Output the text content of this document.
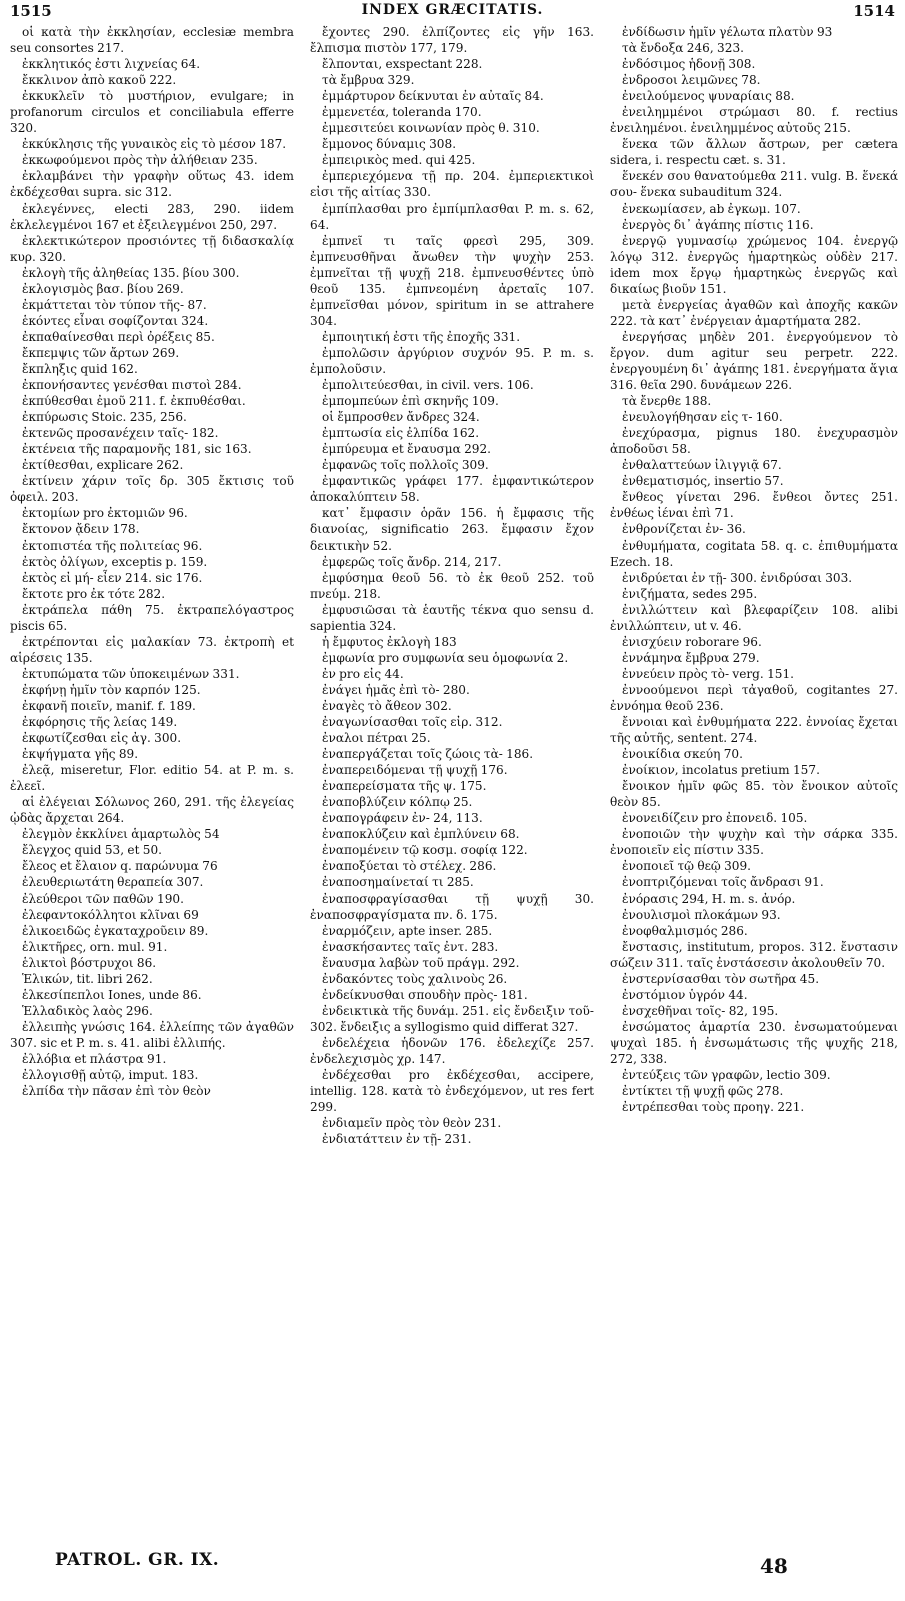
1515	INDEX GRÆCITATIS.	1514

οἱ κατὰ τὴν ἐκκλησίαν, ecclesiæ membra seu consortes 217.

ἐκκλητικός ἐστι λιχνείας 64.

ἔκκλινον ἀπὸ κακοῦ 222.

ἐκκυκλεῖν τὸ μυστήριον, evulgare; in profanorum circulos et conciliabula efferre 320.

ἐκκύκλησις τῆς γυναικὸς εἰς τὸ μέσον 187.

ἐκκωφούμενοι πρὸς τὴν ἀλήθειαν 235.

ἐκλαμβάνει τὴν γραφὴν οὕτως 43. idem ἐκδέχεσθαι supra. sic 312.

ἐκλεγέννες, electi 283, 290. iidem ἐκλελεγμένοι 167 et ἐξειλεγμένοι 250, 297.

ἐκλεκτικώτερον προσιόντες τῇ διδασκαλίᾳ κυρ. 320.

ἐκλογὴ τῆς ἀληθείας 135. βίου 300.

ἐκλογισμὸς βασ. βίου 269.

ἐκμάττεται τὸν τύπον τῆς- 87.

ἑκόντες εἶναι σοφίζονται 324.

ἐκπαθαίνεσθαι περὶ ὀρέξεις 85.

ἔκπεμψις τῶν ἄρτων 269.

ἔκπληξις quid 162.

ἐκπονήσαντες γενέσθαι πιστοὶ 284.

ἐκπύθεσθαι ἐμοῦ 211. f. ἐκπυθέσθαι.

ἐκπύρωσις Stoic. 235, 256.

ἐκτενῶς προσανέχειν ταῖς- 182.

ἐκτένεια τῆς παραμονῆς 181, sic 163.

ἐκτίθεσθαι, explicare 262.

ἐκτίνειν χάριν τοῖς δρ. 305 ἔκτισις τοῦ ὀφειλ. 203.

ἐκτομίων pro ἐκτομιῶν 96.

ἔκτονον ᾄδειν 178.

ἐκτοπιστέα τῆς πολιτείας 96.

ἐκτὸς ὀλίγων, exceptis p. 159.

ἐκτὸς εἰ μή- εἶεν 214. sic 176.

ἔκτοτε pro ἐκ τότε 282.

ἐκτράπελα πάθη 75. ἐκτραπελόγαστρος piscis 65.

ἐκτρέπονται εἰς μαλακίαν 73. ἐκτροπὴ et αἱρέσεις 135.

ἐκτυπώματα τῶν ὑποκειμένων 331.

ἐκφήνῃ ἡμῖν τὸν καρπόν 125.

ἐκφανῆ ποιεῖν, manif. f. 189.

ἐκφόρησις τῆς λείας 149.

ἐκφωτίζεσθαι εἰς ἀγ. 300.

ἐκψήγματα γῆς 89.

ἐλεᾷ, miseretur, Flor. editio 54. at P. m. s. ἐλεεῖ.

αἱ ἐλέγειαι Σόλωνος 260, 291. τῆς ἐλεγείας ᾠδὰς ἄρχεται 264.

ἐλεγμὸν ἐκκλίνει ἁμαρτωλὸς 54

ἔλεγχος quid 53, et 50.

ἔλεος et ἔλαιον q. παρώνυμα 76

ἐλευθεριωτάτη θεραπεία 307.

ἐλεύθεροι τῶν παθῶν 190.

ἐλεφαντοκόλλητοι κλῖναι 69

ἑλικοειδῶς ἐγκαταχροῦειν 89.

ἑλικτῆρες, orn. mul. 91.

ἑλικτοὶ βόστρυχοι 86.

Ἑλικών, tit. libri 262.

ἑλκεσίπεπλοι Iones, unde 86.

Ἑλλαδικὸς λαὸς 296.

ἐλλειπὴς γνώσις 164. ἐλλείπης τῶν ἀγαθῶν 307. sic et P. m. s. 41. alibi ἐλλιπής.

ἐλλόβια et πλάστρα 91.

ἐλλογισθῇ αὐτῷ, imput. 183.

ἐλπίδα τὴν πᾶσαν ἐπὶ τὸν θεὸν

ἔχοντες 290. ἐλπίζοντες εἰς γῆν 163. ἔλπισμα πιστὸν 177, 179.

ἔλπονται, exspectant 228.

τὰ ἔμβρυα 329.

ἐμμάρτυρον δείκνυται ἐν αὐταῖς 84.

ἐμμενετέα, toleranda 170.

ἐμμεσιτεύει κοινωνίαν πρὸς θ. 310.

ἔμμονος δύναμις 308.

ἐμπειρικὸς med. qui 425.

ἐμπεριεχόμενα τῇ πρ. 204. ἐμπεριεκτικοὶ εἰσι τῆς αἰτίας 330.

ἐμπίπλασθαι pro ἐμπίμπλασθαι P. m. s. 62, 64.

ἐμπνεῖ τι ταῖς φρεσὶ 295, 309. ἐμπνευσθῆναι ἄνωθεν τὴν ψυχὴν 253. ἐμπνεῖται τῇ ψυχῇ 218. ἐμπνευσθέντες ὑπὸ θεοῦ 135. ἐμπνεομένη ἀρεταῖς 107. ἐμπνεῖσθαι μόνον, spiritum in se attrahere 304.

ἐμποιητική ἐστι τῆς ἐποχῆς 331.

ἐμπολῶσιν ἀργύριον συχνόν 95. P. m. s. ἐμπολοῦσιν.

ἐμπολιτεύεσθαι, in civil. vers. 106.

ἐμπομπεύων ἐπὶ σκηνῆς 109.

οἱ ἔμπροσθεν ἄνδρες 324.

ἐμπτωσία εἰς ἐλπίδα 162.

ἐμπύρευμα et ἔναυσμα 292.

ἐμφανῶς τοῖς πολλοῖς 309.

ἐμφαντικῶς γράφει 177. ἐμφαντικώτερον ἀποκαλύπτειν 58.

κατ᾽ ἔμφασιν ὁρᾶν 156. ἡ ἔμφασις τῆς διανοίας, significatio 263. ἔμφασιν ἔχον δεικτικὴν 52.

ἐμφερῶς τοῖς ἄνδρ. 214, 217.

ἐμφύσημα θεοῦ 56. τὸ ἐκ θεοῦ 252. τοῦ πνεύμ. 218.

ἐμφυσιῶσαι τὰ ἑαυτῆς τέκνα quo sensu d. sapientia 324.

ἡ ἔμφυτος ἐκλογὴ 183

ἐμφωνία pro συμφωνία seu ὁμοφωνία 2.

ἐν pro εἰς 44.

ἐνάγει ἡμᾶς ἐπὶ τὸ- 280.

ἐναγὲς τὸ ἄθεον 302.

ἐναγωνίσασθαι τοῖς εἰρ. 312.

ἐναλοι πέτραι 25.

ἐναπεργάζεται τοῖς ζώοις τὰ- 186.

ἐναπερειδόμεναι τῇ ψυχῇ 176.

ἐναπερείσματα τῆς ψ. 175.

ἐναποβλύζειν κόλπῳ 25.

ἐναπογράφειν ἐν- 24, 113.

ἐναποκλύζειν καὶ ἐμπλύνειν 68.

ἐναπομένειν τῷ κοσμ. σοφίᾳ 122.

ἐναποξύεται τὸ στέλεχ. 286.

ἐναποσημαίνεταί τι 285.

ἐναποσφραγίσασθαι τῇ ψυχῇ 30. ἐναποσφραγίσματα πν. δ. 175.

ἐναρμόζειν, apte inser. 285.

ἐνασκήσαντες ταῖς ἐντ. 283.

ἔναυσμα λαβὼν τοῦ πράγμ. 292.

ἐνδακόντες τοὺς χαλινοὺς 26.

ἐνδείκνυσθαι σπουδὴν πρὸς- 181.

ἐνδεικτικὰ τῆς δυνάμ. 251. εἰς ἔνδειξιν τοῦ- 302. ἔνδειξις a syllogismo quid differat 327.

ἐνδελέχεια ἡδονῶν 176. ἐδελεχίζε 257. ἐνδελεχισμὸς χρ. 147.

ἐνδέχεσθαι pro ἐκδέχεσθαι, accipere, intellig. 128. κατὰ τὸ ἐνδεχόμενον, ut res fert 299.

ἐνδιαμεῖν πρὸς τὸν θεὸν 231.

ἐνδιατάττειν ἐν τῇ- 231.

ἐνδίδωσιν ἡμῖν γέλωτα πλατὺν 93

τὰ ἔνδοξα 246, 323.

ἐνδόσιμος ἡδονῇ 308.

ἐνδροσοι λειμῶνες 78.

ἐνειλούμενος ψυναρίαις 88.

ἐνειλημμένοι στρώμασι 80. f. rectius ἐνειλημένοι. ἐνειλημμένος αὐτοῦς 215.

ἕνεκα τῶν ἄλλων ἄστρων, per cætera sidera, i. respectu cæt. s. 31.

ἕνεκέν σου θανατούμεθα 211. vulg. B. ἕνεκά σου- ἕνεκα subauditum 324.

ἐνεκωμίασεν, ab ἐγκωμ. 107.

ἐνεργὸς δι᾽ ἀγάπης πίστις 116.

ἐνεργῷ γυμνασίῳ χρώμενος 104. ἐνεργῷ λόγῳ 312. ἐνεργῶς ἡμαρτηκὼς οὐδὲν 217. idem mox ἔργῳ ἡμαρτηκὼς ἐνεργῶς καὶ δικαίως βιοῦν 151.

μετὰ ἐνεργείας ἀγαθῶν καὶ ἀποχῆς κακῶν 222. τὰ κατ᾽ ἐνέργειαν ἁμαρτήματα 282.

ἐνεργήσας μηδὲν 201. ἐνεργούμενον τὸ ἔργον. dum agitur seu perpetr. 222. ἐνεργουμένη δι᾽ ἀγάπης 181. ἐνεργήματα ἅγια 316. θεῖα 290. δυνάμεων 226.

τὰ ἔνερθε 188.

ἐνευλογήθησαν εἰς τ- 160.

ἐνεχύρασμα, pignus 180. ἐνεχυρασμὸν ἀποδοῦσι 58.

ἐνθαλαττεύων ἰλιγγιᾷ 67.

ἐνθεματισμός, insertio 57.

ἔνθεος γίνεται 296. ἔνθεοι ὄντες 251. ἐνθέως ἰέναι ἐπὶ 71.

ἐνθρονίζεται ἐν- 36.

ἐνθυμήματα, cogitata 58. q. c. ἐπιθυμήματα Ezech. 18.

ἐνιδρύεται ἐν τῇ- 300. ἐνιδρύσαι 303.

ἐνιζήματα, sedes 295.

ἐνιλλώττειν καὶ βλεφαρίζειν 108. alibi ἐνιλλώπτειν, ut v. 46.

ἐνισχύειν roborare 96.

ἐννάμηνα ἔμβρυα 279.

ἐννεύειν πρὸς τὸ- verg. 151.

ἐννοούμενοι περὶ τἀγαθοῦ, cogitantes 27. ἐννόημα θεοῦ 236.

ἔννοιαι καὶ ἐνθυμήματα 222. ἐννοίας ἔχεται τῆς αὐτῆς, sentent. 274.

ἐνοικίδια σκεύη 70.

ἐνοίκιον, incolatus pretium 157.

ἔνοικον ἡμῖν φῶς 85. τὸν ἔνοικον αὐτοῖς θεὸν 85.

ἐνονειδίζειν pro ἐπονειδ. 105.

ἐνοποιῶν τὴν ψυχὴν καὶ τὴν σάρκα 335. ἐνοποιεῖν εἰς πίστιν 335.

ἐνοποιεῖ τῷ θεῷ 309.

ἐνοπτριζόμεναι τοῖς ἄνδρασι 91.

ἐνόρασις 294, H. m. s. ἀνόρ.

ἐνουλισμοὶ πλοκάμων 93.

ἐνοφθαλμισμός 286.

ἔνστασις, institutum, propos. 312. ἔνστασιν σώζειν 311. ταῖς ἐνστάσεσιν ἀκολουθεῖν 70.

ἐνστερνίσασθαι τὸν σωτῆρα 45.

ἐνστόμιον ὑγρόν 44.

ἐνσχεθῆναι τοῖς- 82, 195.

ἐνσώματος ἁμαρτία 230. ἐνσωματούμεναι ψυχαὶ 185. ἡ ἐνσωμάτωσις τῆς ψυχῆς 218, 272, 338.

ἐντεύξεις τῶν γραφῶν, lectio 309.

ἐντίκτει τῇ ψυχῇ φῶς 278.

ἐντρέπεσθαι τοὺς προηγ. 221.

PATROL. GR. IX.	48
